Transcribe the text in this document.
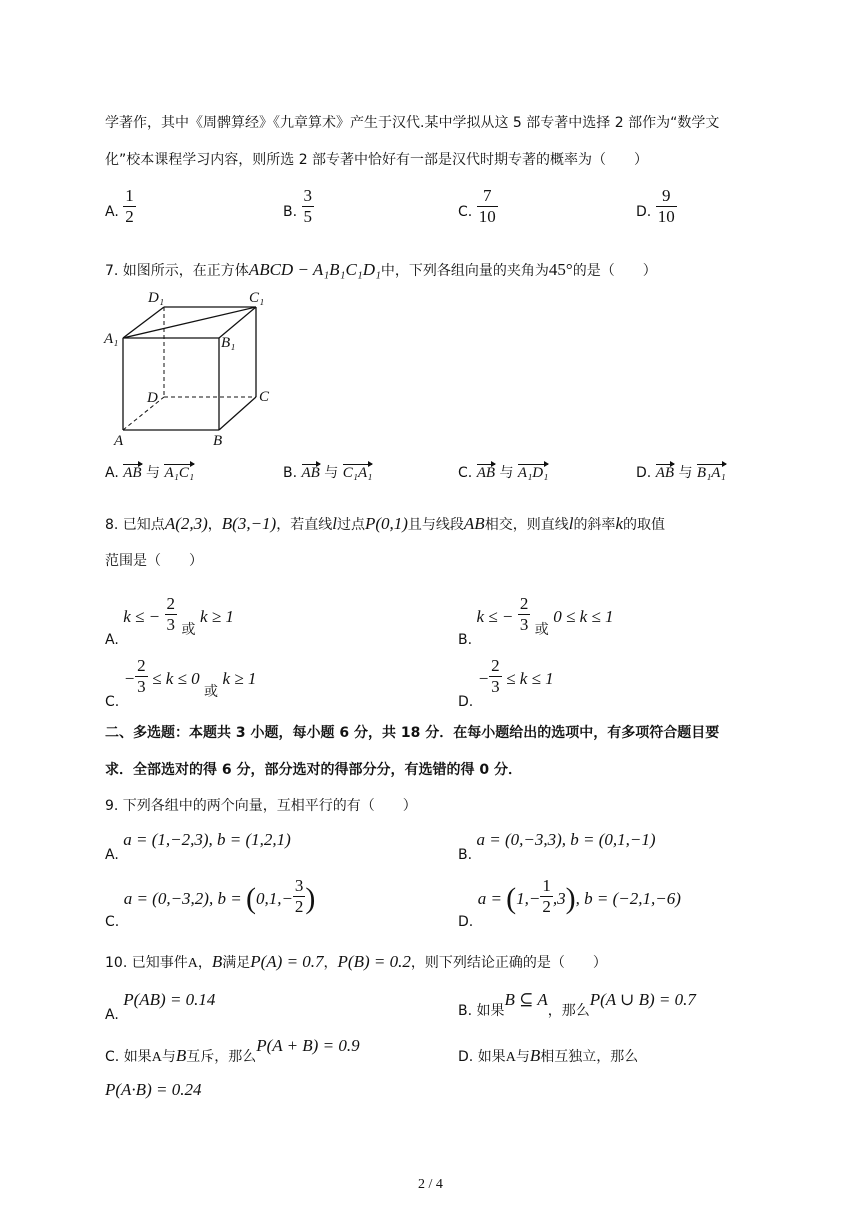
学著作，其中《周髀算经》《九章算术》产生于汉代.某中学拟从这 5 部专著中选择 2 部作为“数学文
化”校本课程学习内容，则所选 2 部专著中恰好有一部是汉代时期专著的概率为（　　）
A. $\frac{1}{2}$	B. $\frac{3}{5}$	C. $\frac{7}{10}$	D. $\frac{9}{10}$
7. 如图所示，在正方体ABCD − A₁B₁C₁D₁中，下列各组向量的夹角为45°的是（　　）
D₁	C₁
A₁	B₁
D	C
A	B
A. AB 与 A₁C₁	B. AB 与 C₁A₁	C. AB 与 A₁D₁	D. AB 与 B₁A₁
8. 已知点A(2,3)，B(3,−1)，若直线l过点P(0,1)且与线段AB相交，则直线l的斜率k的取值
范围是（　　）
A. k ≤ − $\frac{2}{3}$ 或 k ≥ 1
B. k ≤ − $\frac{2}{3}$ 或 0 ≤ k ≤ 1
C. − $\frac{2}{3} \le k \le 0$ 或 k ≥ 1
D. − $\frac{2}{3} \le k \le 1$
二、多选题：本题共 3 小题，每小题 6 分，共 18 分．在每小题给出的选项中，有多项符合题目要
求．全部选对的得 6 分，部分选对的得部分分，有选错的得 0 分．
9. 下列各组中的两个向量，互相平行的有（　　）
A. a = (1,−2,3), b = (1,2,1)
B. a = (0,−3,3), b = (0,1,−1)
C. a = (0,−3,2), $b = (0,1,- \frac{3}{2}$ )
D. $a = (1,- \frac{1}{2} ,3)$, b = (−2,1,−6)
10. 已知事件A，B满足P(A) = 0.7，P(B) = 0.2，则下列结论正确的是（　　）
A. P(AB) = 0.14
B. 如果B ⊆ A，那么P(A ∪ B) = 0.7
C. 如果A与B互斥，那么P(A + B) = 0.9
D. 如果A与B相互独立，那么
P(A·B) = 0.24
2 / 4
